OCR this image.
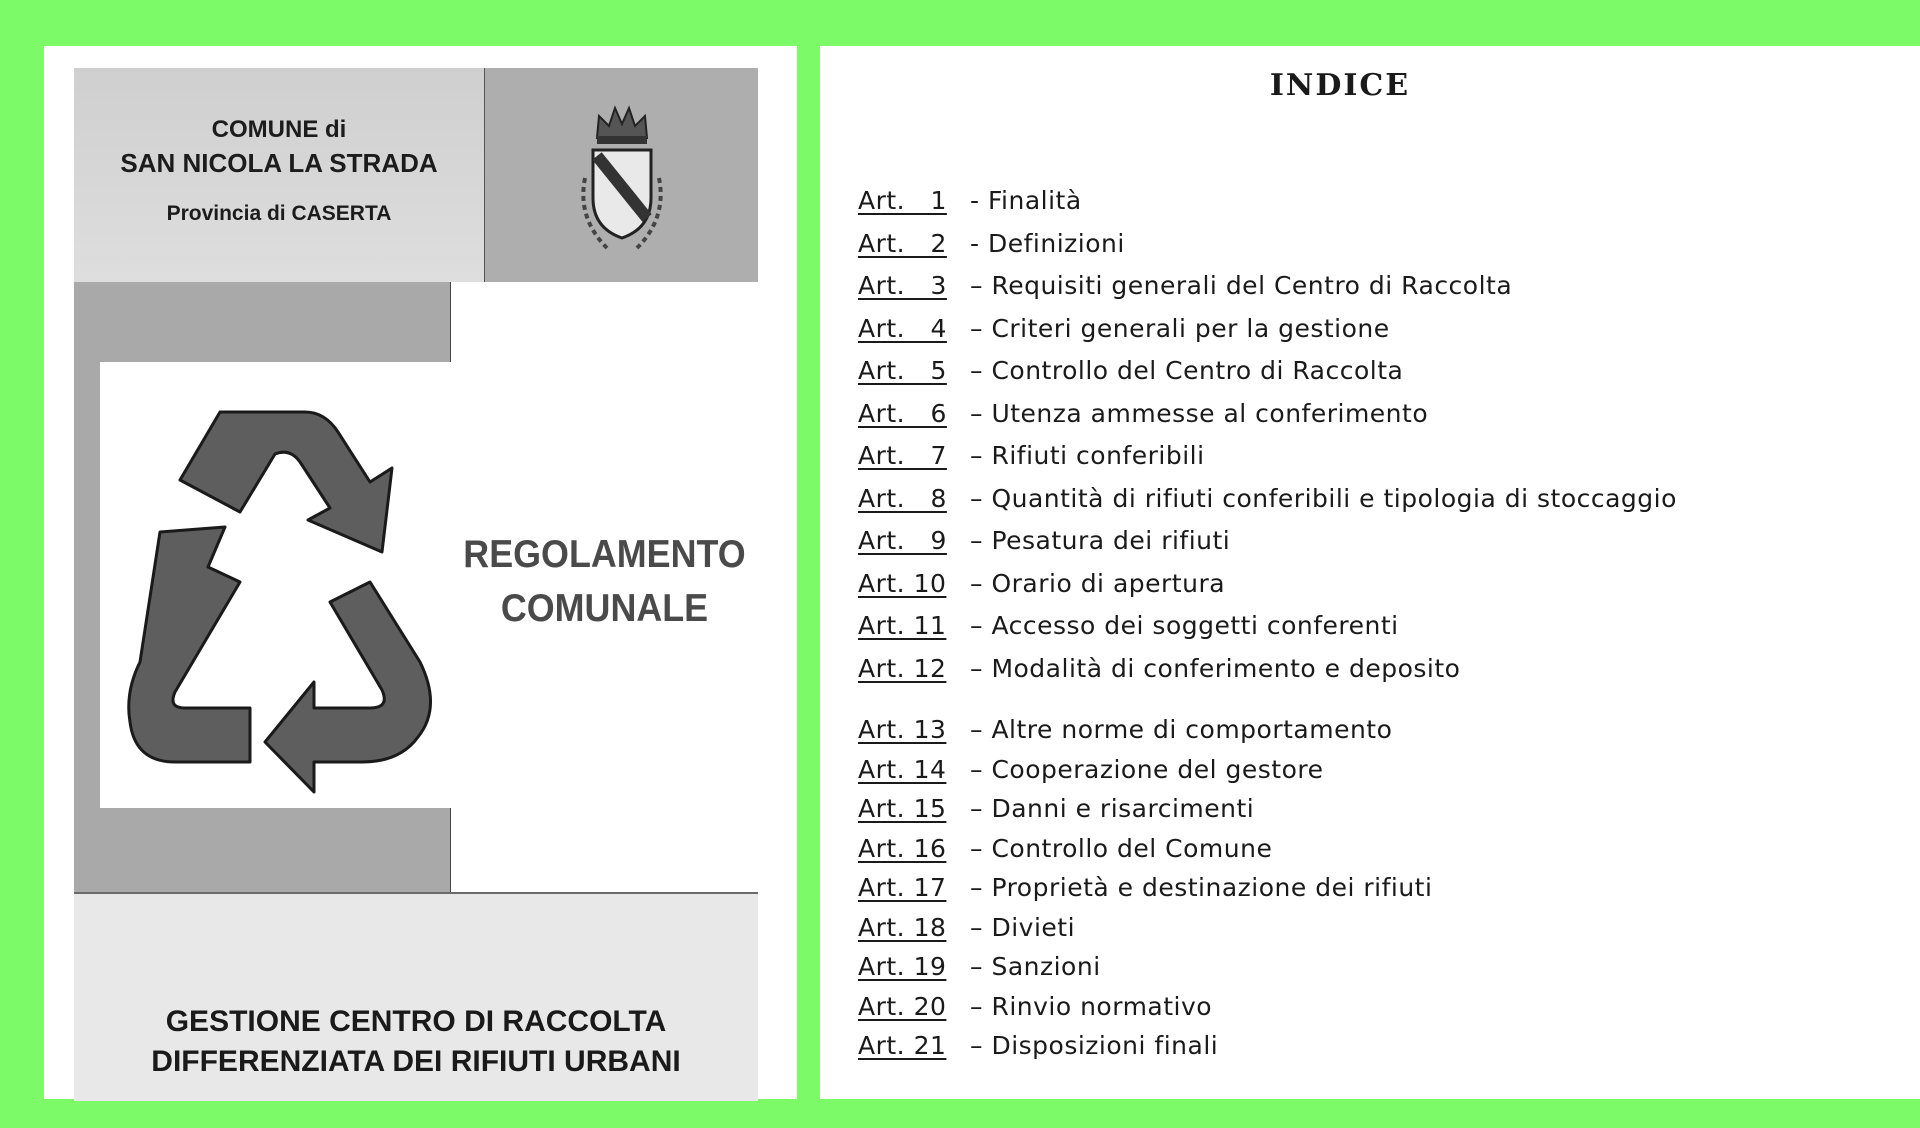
COMUNE di
SAN NICOLA LA STRADA
Provincia di CASERTA
REGOLAMENTO
COMUNALE
GESTIONE CENTRO DI RACCOLTA
DIFFERENZIATA DEI RIFIUTI URBANI
INDICE
Art.   1 - Finalità
Art.   2 - Definizioni
Art.   3 – Requisiti generali del Centro di Raccolta
Art.   4 – Criteri generali per la gestione
Art.   5 – Controllo del Centro di Raccolta
Art.   6 – Utenza ammesse al conferimento
Art.   7 – Rifiuti conferibili
Art.   8 – Quantità di rifiuti conferibili e tipologia di stoccaggio
Art.   9 – Pesatura dei rifiuti
Art. 10 – Orario di apertura
Art. 11 – Accesso dei soggetti conferenti
Art. 12 – Modalità di conferimento e deposito
Art. 13 – Altre norme di comportamento
Art. 14 – Cooperazione del gestore
Art. 15 – Danni e risarcimenti
Art. 16 – Controllo del Comune
Art. 17 – Proprietà e destinazione dei rifiuti
Art. 18 – Divieti
Art. 19 – Sanzioni
Art. 20 – Rinvio normativo
Art. 21 – Disposizioni finali
